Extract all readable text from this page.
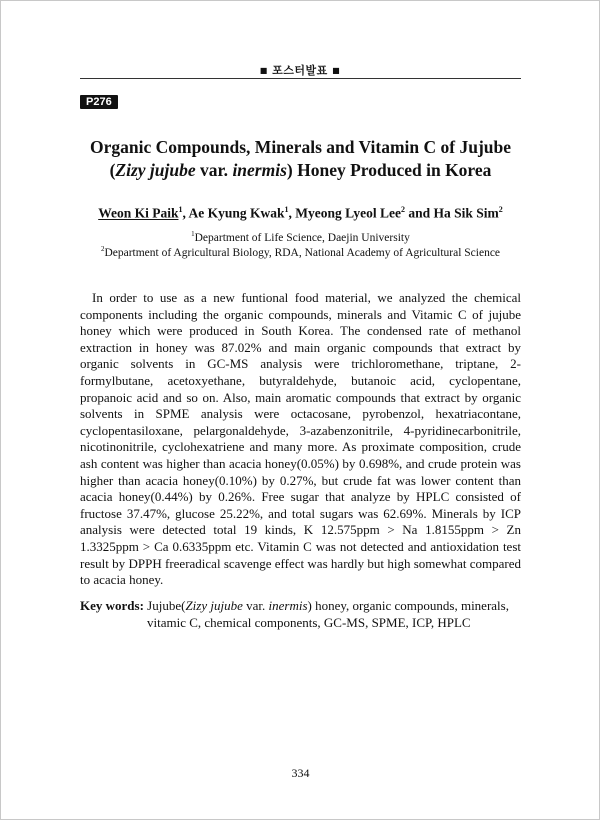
■ 포스터발표 ■
P276
Organic Compounds, Minerals and Vitamin C of Jujube
(Zizy jujube var. inermis) Honey Produced in Korea
Weon Ki Paik$^1$, Ae Kyung Kwak$^1$, Myeong Lyeol Lee$^2$ and Ha Sik Sim$^2$
$^1$Department of Life Science, Daejin University
$^2$Department of Agricultural Biology, RDA, National Academy of Agricultural Science
In order to use as a new funtional food material, we analyzed the chemical components including the organic compounds, minerals and Vitamic C of jujube honey which were produced in South Korea. The condensed rate of methanol extraction in honey was 87.02% and main organic compounds that extract by organic solvents in GC-MS analysis were trichloromethane, triptane, 2-formylbutane, acetoxyethane, butyraldehyde, butanoic acid, cyclopentane, propanoic acid and so on. Also, main aromatic compounds that extract by organic solvents in SPME analysis were octacosane, pyrobenzol, hexatriacontane, cyclopentasiloxane, pelargonaldehyde, 3-azabenzonitrile, 4-pyridinecarbonitrile, nicotinonitrile, cyclohexatriene and many more. As proximate composition, crude ash content was higher than acacia honey(0.05%) by 0.698%, and crude protein was higher than acacia honey(0.10%) by 0.27%, but crude fat was lower content than acacia honey(0.44%) by 0.26%. Free sugar that analyze by HPLC consisted of fructose 37.47%, glucose 25.22%, and total sugars was 62.69%. Minerals by ICP analysis were detected total 19 kinds, K 12.575ppm > Na 1.8155ppm > Zn 1.3325ppm > Ca 0.6335ppm etc. Vitamin C was not detected and antioxidation test result by DPPH freeradical scavenge effect was hardly but high somewhat compared to acacia honey.
Key words: Jujube(Zizy jujube var. inermis) honey, organic compounds, minerals,
vitamic C, chemical components, GC-MS, SPME, ICP, HPLC
334
